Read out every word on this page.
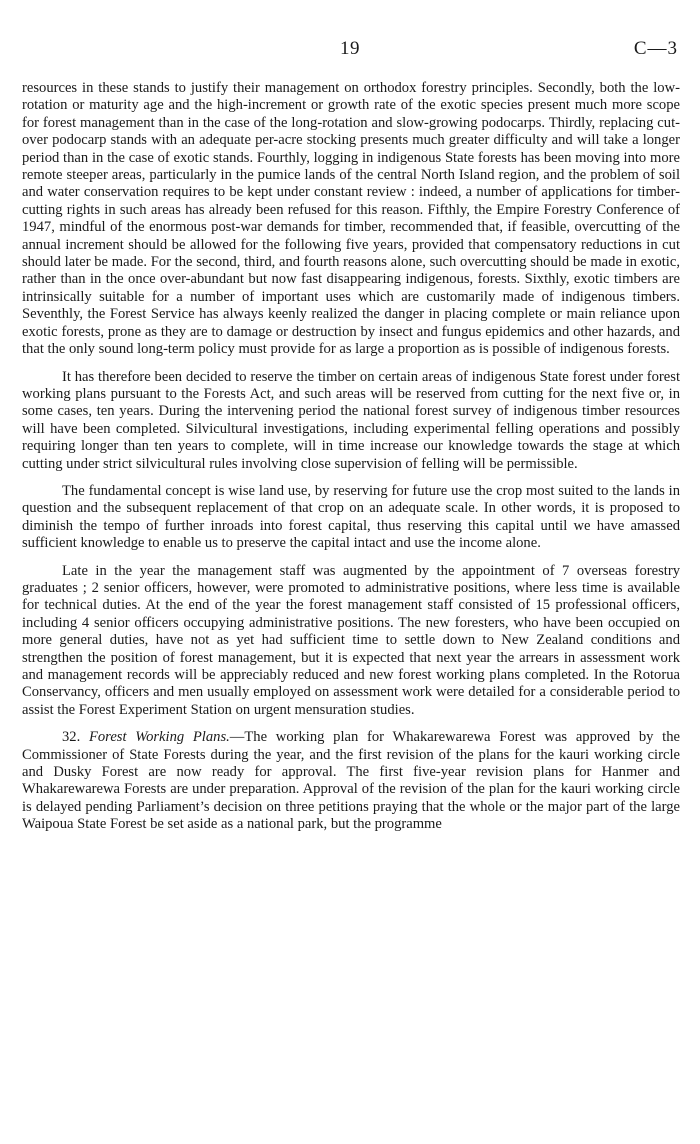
19	C—3

resources in these stands to justify their management on orthodox forestry principles. Secondly, both the low-rotation or maturity age and the high-increment or growth rate of the exotic species present much more scope for forest management than in the case of the long-rotation and slow-growing podocarps. Thirdly, replacing cut-over podocarp stands with an adequate per-acre stocking presents much greater difficulty and will take a longer period than in the case of exotic stands. Fourthly, logging in indigenous State forests has been moving into more remote steeper areas, particularly in the pumice lands of the central North Island region, and the problem of soil and water conservation requires to be kept under constant review : indeed, a number of applications for timber-cutting rights in such areas has already been refused for this reason. Fifthly, the Empire Forestry Conference of 1947, mindful of the enormous post-war demands for timber, recommended that, if feasible, overcutting of the annual increment should be allowed for the following five years, provided that compensatory reductions in cut should later be made. For the second, third, and fourth reasons alone, such overcutting should be made in exotic, rather than in the once over-abundant but now fast disappearing indigenous, forests. Sixthly, exotic timbers are intrinsically suitable for a number of important uses which are customarily made of indigenous timbers. Seventhly, the Forest Service has always keenly realized the danger in placing complete or main reliance upon exotic forests, prone as they are to damage or destruction by insect and fungus epidemics and other hazards, and that the only sound long-term policy must provide for as large a proportion as is possible of indigenous forests.

It has therefore been decided to reserve the timber on certain areas of indigenous State forest under forest working plans pursuant to the Forests Act, and such areas will be reserved from cutting for the next five or, in some cases, ten years. During the intervening period the national forest survey of indigenous timber resources will have been completed. Silvicultural investigations, including experimental felling operations and possibly requiring longer than ten years to complete, will in time increase our knowledge towards the stage at which cutting under strict silvicultural rules involving close supervision of felling will be permissible.

The fundamental concept is wise land use, by reserving for future use the crop most suited to the lands in question and the subsequent replacement of that crop on an adequate scale. In other words, it is proposed to diminish the tempo of further inroads into forest capital, thus reserving this capital until we have amassed sufficient knowledge to enable us to preserve the capital intact and use the income alone.

Late in the year the management staff was augmented by the appointment of 7 overseas forestry graduates ; 2 senior officers, however, were promoted to administrative positions, where less time is available for technical duties. At the end of the year the forest management staff consisted of 15 professional officers, including 4 senior officers occupying administrative positions. The new foresters, who have been occupied on more general duties, have not as yet had sufficient time to settle down to New Zealand conditions and strengthen the position of forest management, but it is expected that next year the arrears in assessment work and management records will be appreciably reduced and new forest working plans completed. In the Rotorua Conservancy, officers and men usually employed on assessment work were detailed for a considerable period to assist the Forest Experiment Station on urgent mensuration studies.

32. Forest Working Plans.—The working plan for Whakarewarewa Forest was approved by the Commissioner of State Forests during the year, and the first revision of the plans for the kauri working circle and Dusky Forest are now ready for approval. The first five-year revision plans for Hanmer and Whakarewarewa Forests are under preparation. Approval of the revision of the plan for the kauri working circle is delayed pending Parliament’s decision on three petitions praying that the whole or the major part of the large Waipoua State Forest be set aside as a national park, but the programme
